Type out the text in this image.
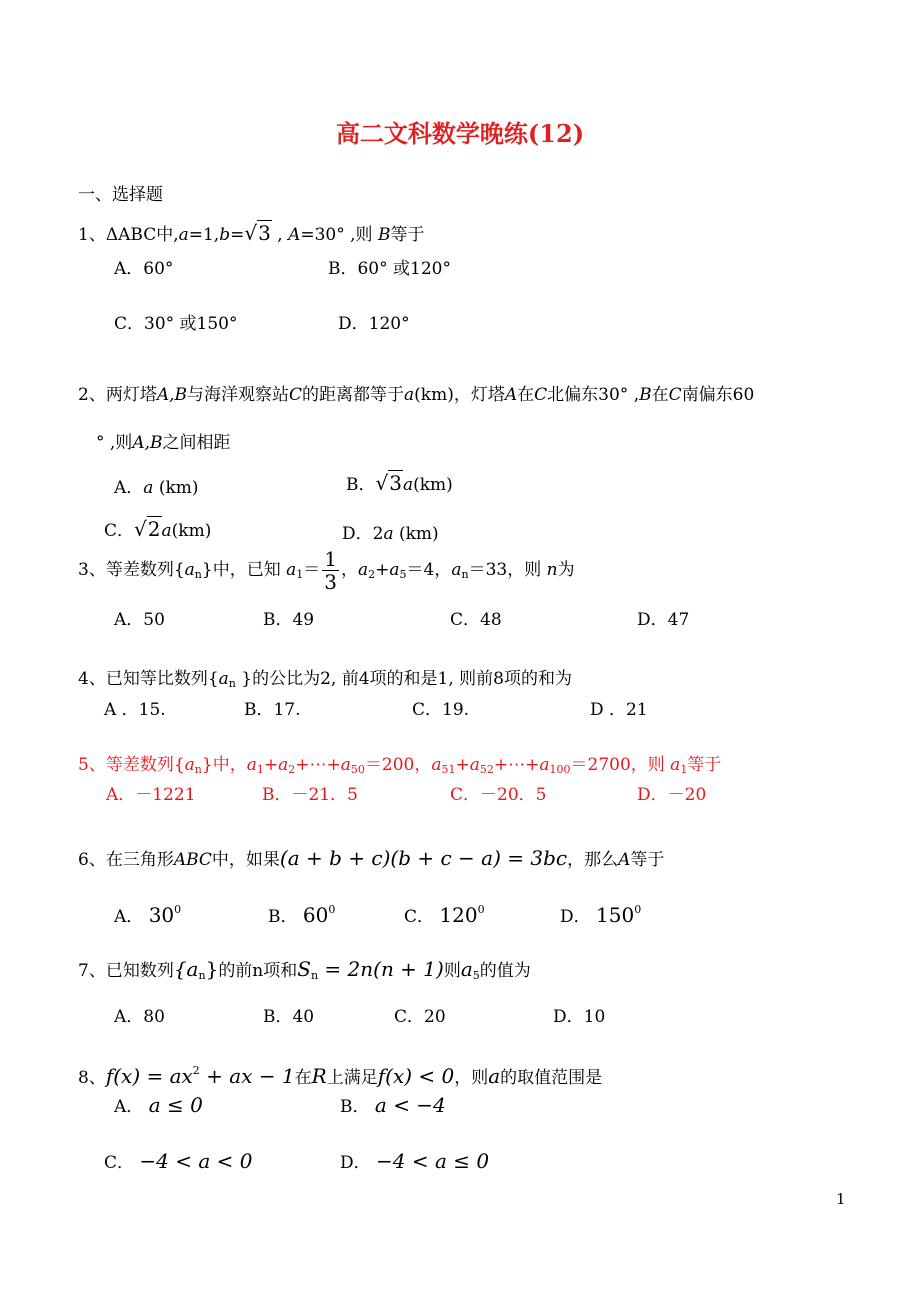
高二文科数学晚练(12)
一、选择题
1、ΔABC中,a=1,b=√3 , A=30° ,则 B等于
A．60°	B．60° 或120°
C．30° 或150°	D．120°
2、两灯塔A,B与海洋观察站C的距离都等于a(km)，灯塔A在C北偏东30° ,B在C南偏东60
° ,则A,B之间相距
A．a (km)	B．√3a(km)
C．√2a(km)	D．2a (km)
3、等差数列$\{a_n\}$中，已知 $a_1= \frac{1}{3}$ ，$a_2+a_5=4$，$a_n=33$，则 n为
A．50	B．49	C．48	D．47
4、已知等比数列{$a_n$ }的公比为2, 前4项的和是1, 则前8项的和为
A ．15.	B．17.	C．19.	D ．21
5、等差数列$\{a_n\}$中，$a_1+a_2+\cdots+a_{50}=200$，$a_{51}+a_{52}+\cdots+a_{100}=2700$，则 $a_1$等于
A．－1221	B．－21．5	C．－20．5	D．－20
6、在三角形ABC中，如果(a + b + c)(b + c − a) = 3bc，那么A等于
A． $30^0$	B． $60^0$	C． $120^0$	D． $150^0$
7、已知数列$\{a_n\}$的前n项和$S_n = 2n(n + 1)$则$a_5$的值为
A．80	B．40	C．20	D．10
8、$f(x) = ax^2$ + ax − 1在R上满足f(x) < 0，则a的取值范围是
A． a ≤ 0	B． a < −4
C． −4 < a < 0	D． −4 < a ≤ 0
1
